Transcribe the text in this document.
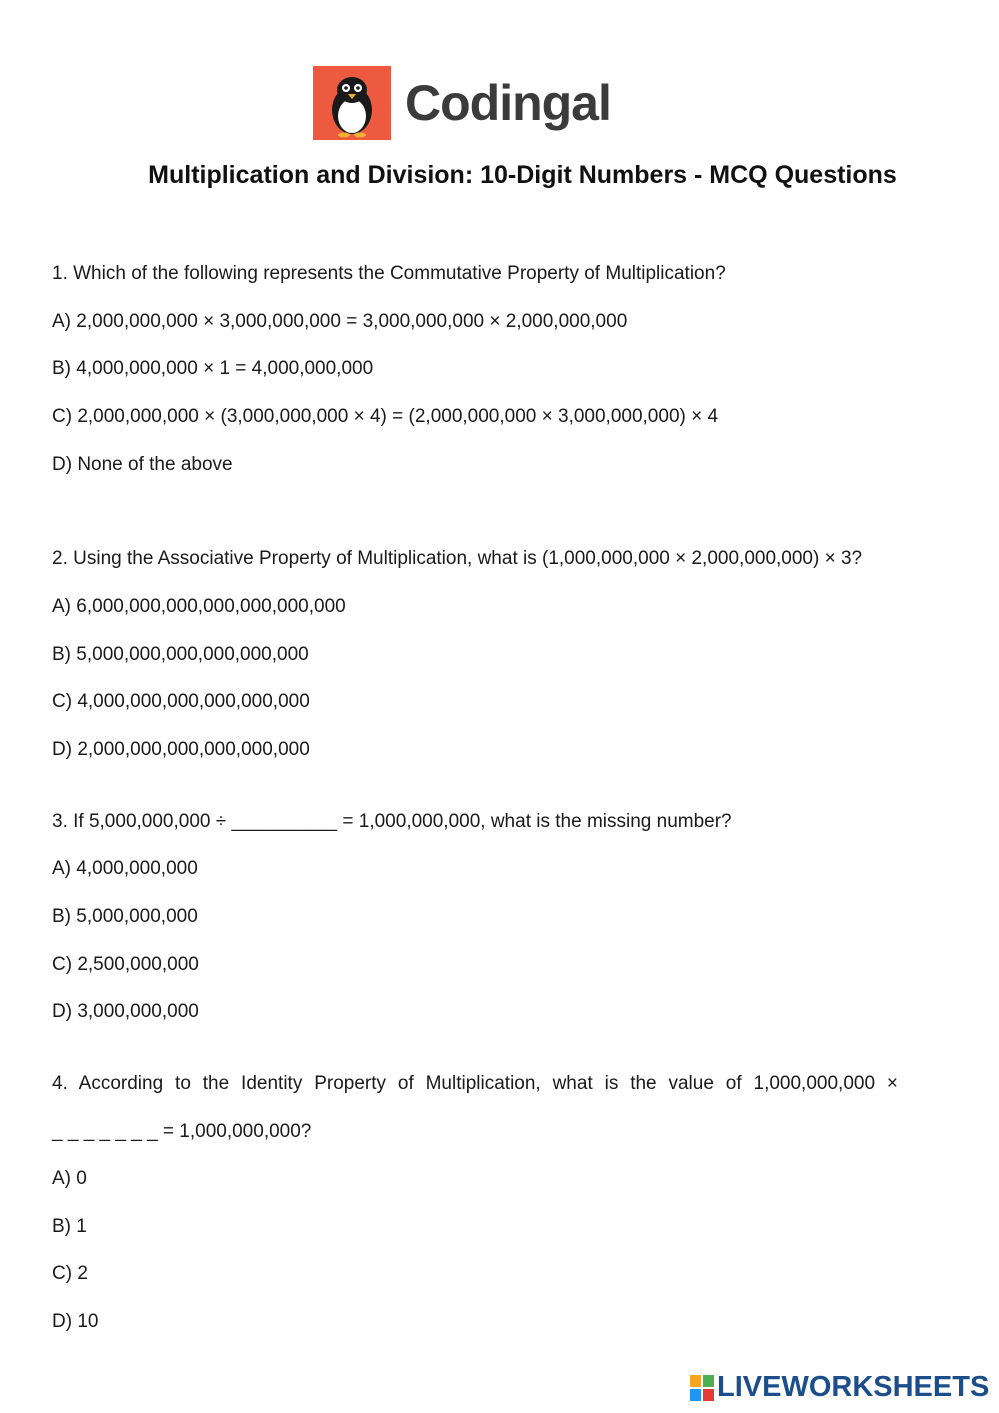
Codingal
Multiplication and Division: 10-Digit Numbers - MCQ Questions
1. Which of the following represents the Commutative Property of Multiplication?
A) 2,000,000,000 × 3,000,000,000 = 3,000,000,000 × 2,000,000,000
B) 4,000,000,000 × 1 = 4,000,000,000
C) 2,000,000,000 × (3,000,000,000 × 4) = (2,000,000,000 × 3,000,000,000) × 4
D) None of the above
2. Using the Associative Property of Multiplication, what is (1,000,000,000 × 2,000,000,000) × 3?
A) 6,000,000,000,000,000,000,000
B) 5,000,000,000,000,000,000
C) 4,000,000,000,000,000,000
D) 2,000,000,000,000,000,000
3. If 5,000,000,000 ÷ __________ = 1,000,000,000, what is the missing number?
A) 4,000,000,000
B) 5,000,000,000
C) 2,500,000,000
D) 3,000,000,000
4. According to the Identity Property of Multiplication, what is the value of 1,000,000,000 ×
_ _ _ _ _ _ _ = 1,000,000,000?
A) 0
B) 1
C) 2
D) 10
LIVEWORKSHEETS
